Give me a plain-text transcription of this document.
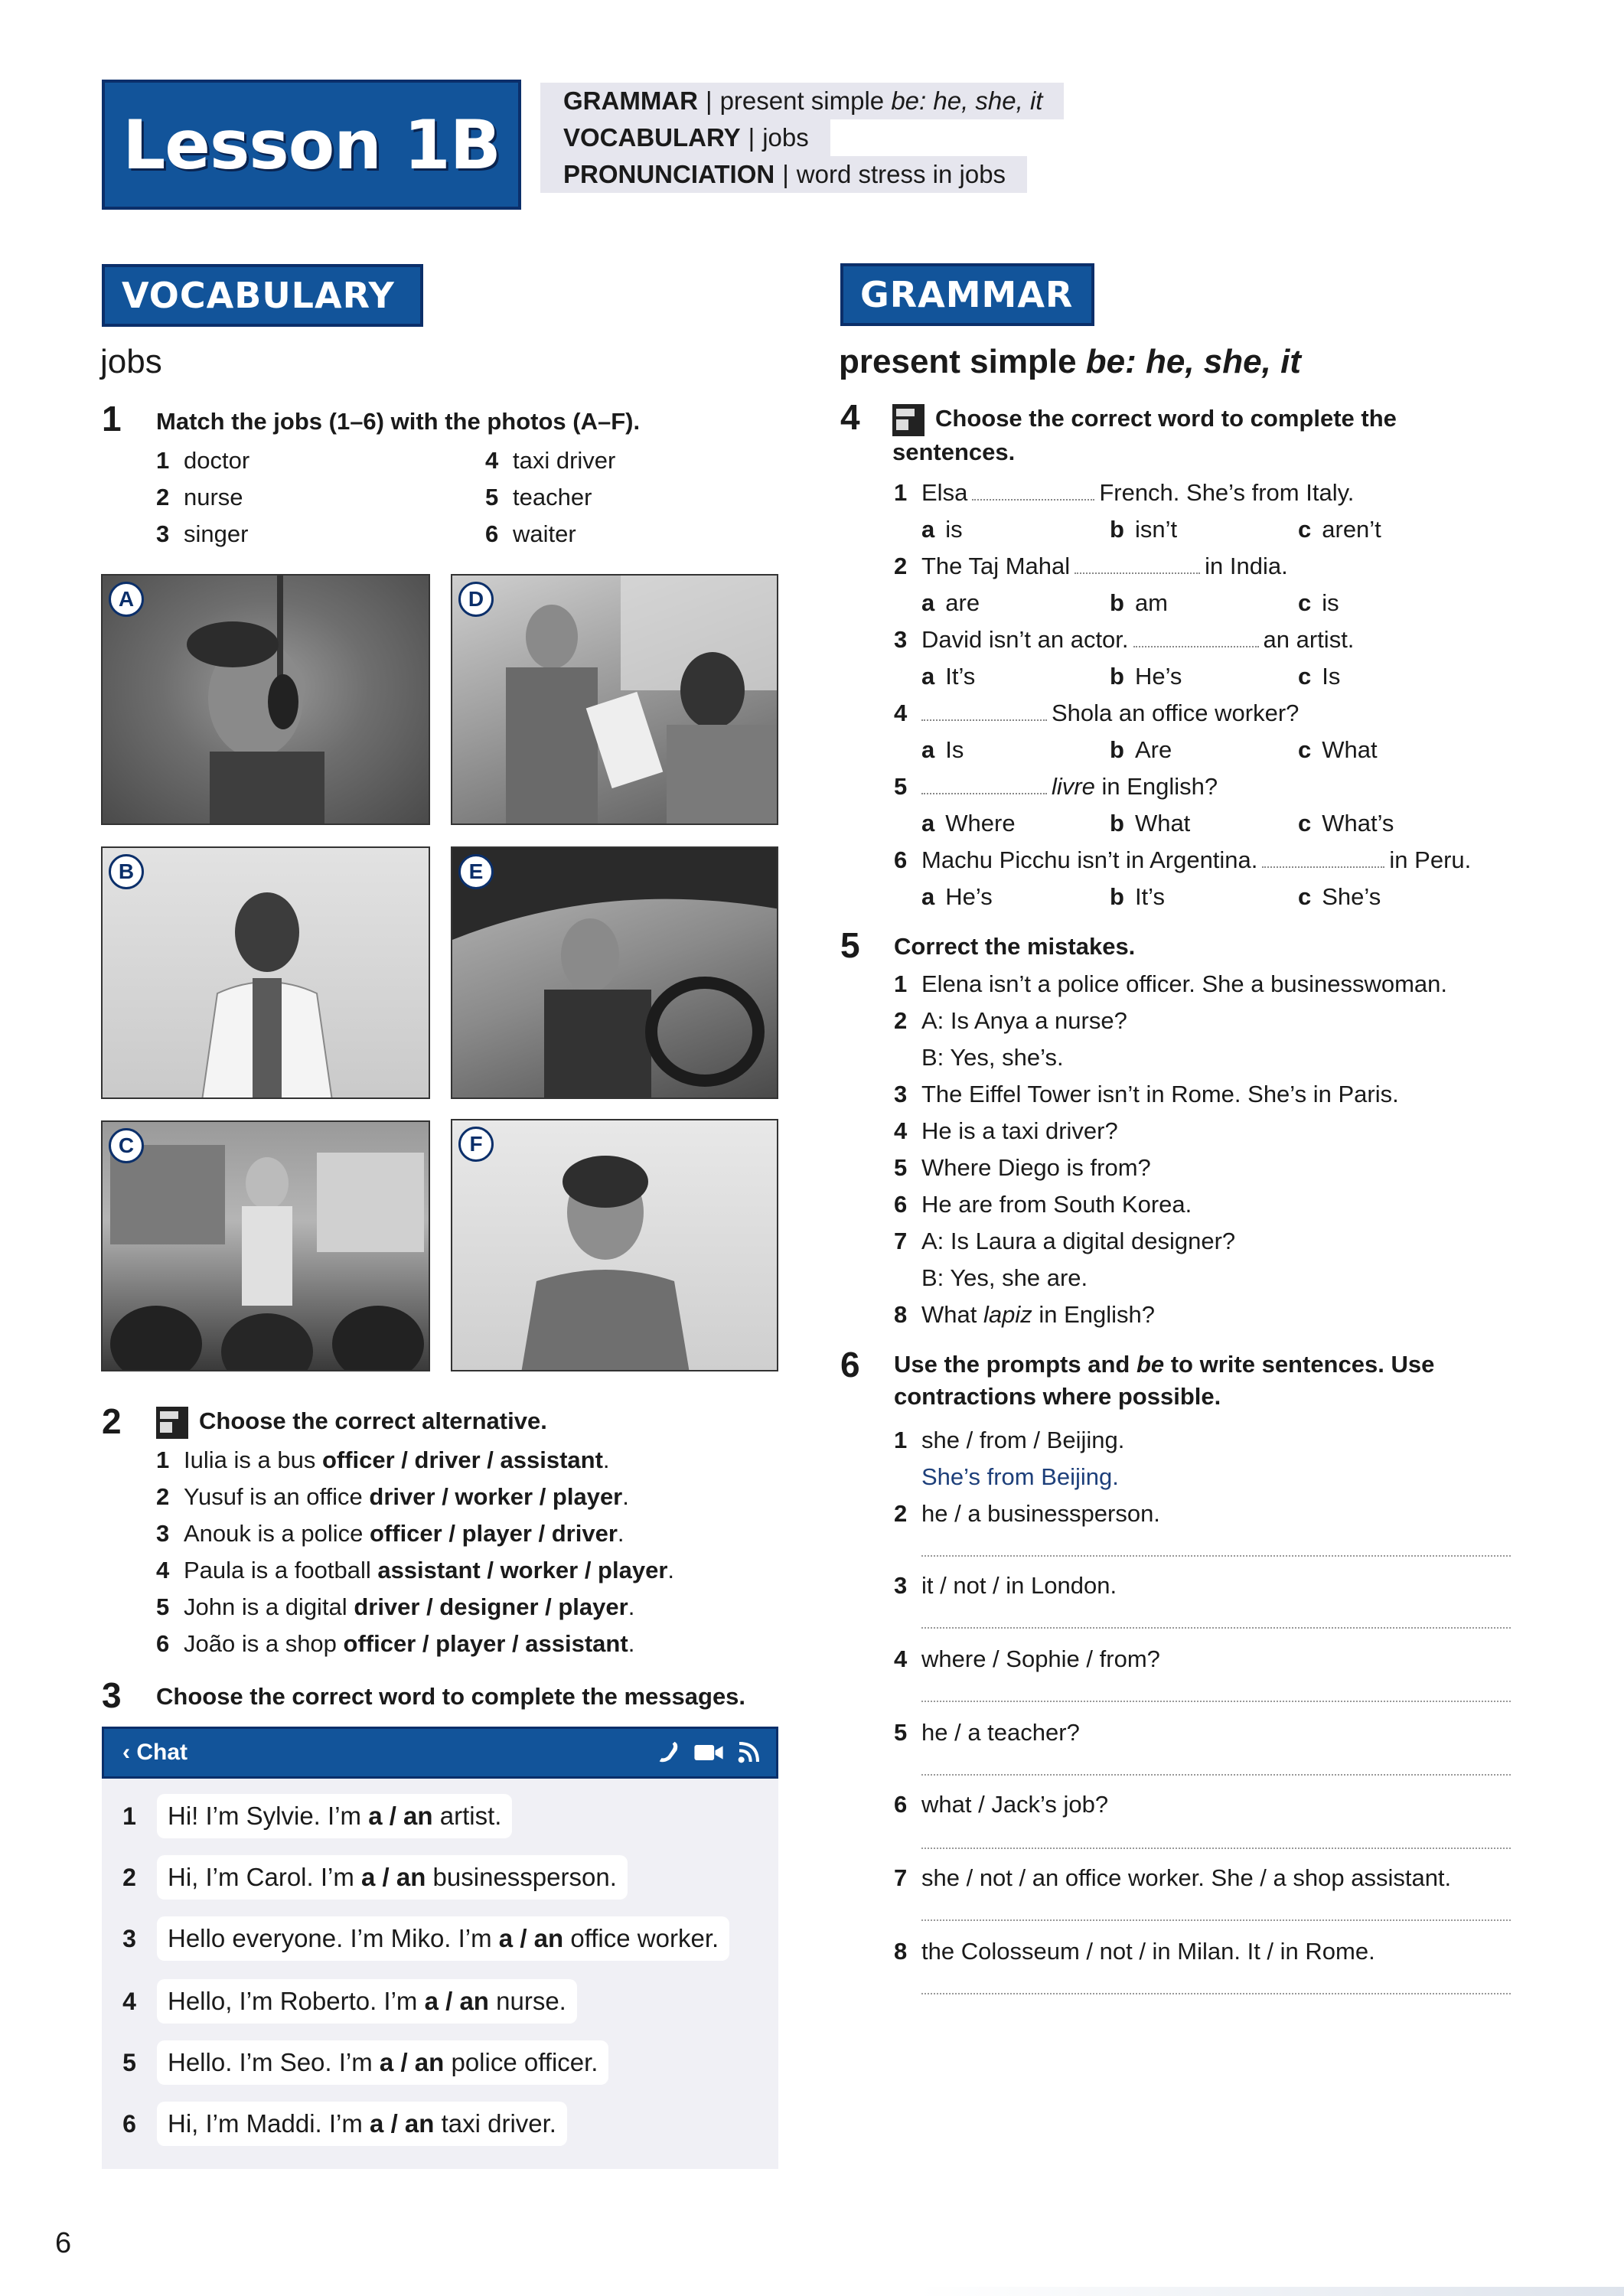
Lesson 1B
GRAMMAR | present simple be: he, she, it
VOCABULARY | jobs
PRONUNCIATION | word stress in jobs
VOCABULARY
jobs
1 Match the jobs (1–6) with the photos (A–F).
1 doctor
2 nurse
3 singer
4 taxi driver
5 teacher
6 waiter
A	D
B	E
C	F
2	Choose the correct alternative.
1 Iulia is a bus officer / driver / assistant.
2 Yusuf is an office driver / worker / player.
3 Anouk is a police officer / player / driver.
4 Paula is a football assistant / worker / player.
5 John is a digital driver / designer / player.
6 João is a shop officer / player / assistant.
3 Choose the correct word to complete the messages.
‹ Chat
1	Hi! I’m Sylvie. I’m a / an artist.
2	Hi, I’m Carol. I’m a / an businessperson.
3	Hello everyone. I’m Miko. I’m a / an office worker.
4	Hello, I’m Roberto. I’m a / an nurse.
5	Hello. I’m Seo. I’m a / an police officer.
6	Hi, I’m Maddi. I’m a / an taxi driver.
GRAMMAR
present simple be: he, she, it
4	Choose the correct word to complete the sentences.
1 Elsa	French. She’s from Italy.
a is	b isn’t	c aren’t
2 The Taj Mahal	in India.
a are	b am	c is
3 David isn’t an actor.	an artist.
a It’s	b He’s	c Is
4	Shola an office worker?
a Is	b Are	c What
5	livre in English?
a Where	b What	c What’s
6 Machu Picchu isn’t in Argentina.	in Peru.
a He’s	b It’s	c She’s
5 Correct the mistakes.
1 Elena isn’t a police officer. She a businesswoman.
2 A: Is Anya a nurse?
B: Yes, she’s.
3 The Eiffel Tower isn’t in Rome. She’s in Paris.
4 He is a taxi driver?
5 Where Diego is from?
6 He are from South Korea.
7 A: Is Laura a digital designer?
B: Yes, she are.
8 What lapiz in English?
6 Use the prompts and be to write sentences. Use contractions where possible.
1 she / from / Beijing.
She’s from Beijing.
2 he / a businessperson.
3 it / not / in London.
4 where / Sophie / from?
5 he / a teacher?
6 what / Jack’s job?
7 she / not / an office worker. She / a shop assistant.
8 the Colosseum / not / in Milan. It / in Rome.
6
